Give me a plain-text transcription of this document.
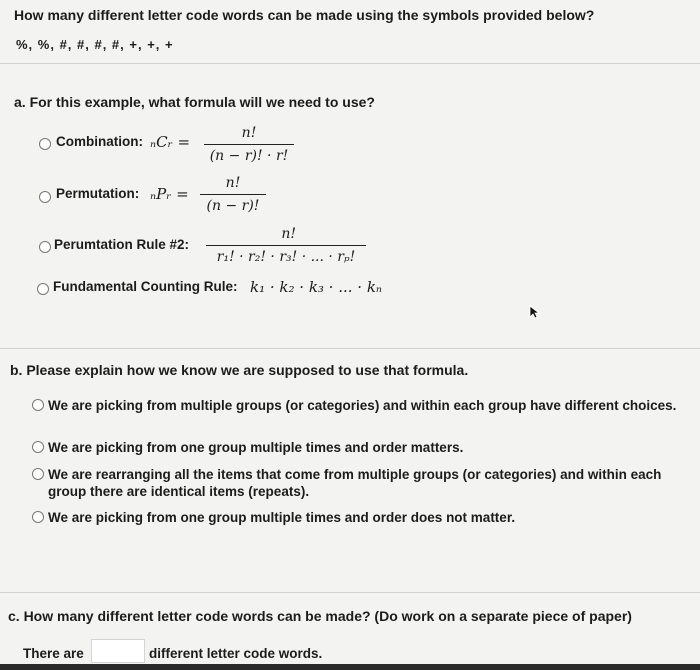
How many different letter code words can be made using the symbols provided below?
%, %, #, #, #, #, +, +, +
a. For this example, what formula will we need to use?
Combination: ₙCᵣ =	n!
(n − r)! · r!
Permutation: ₙPᵣ =
n!
(n − r)!
Perumtation Rule #2:
n!
r₁! · r₂! · r₃! · ... · rₚ!
Fundamental Counting Rule: k₁ · k₂ · k₃ · ... · kₙ
b. Please explain how we know we are supposed to use that formula.
We are picking from multiple groups (or categories) and within each group have different choices.
We are picking from one group multiple times and order matters.
We are rearranging all the items that come from multiple groups (or categories) and within each group there are identical items (repeats).
We are picking from one group multiple times and order does not matter.
c. How many different letter code words can be made? (Do work on a separate piece of paper)
There are	different letter code words.
